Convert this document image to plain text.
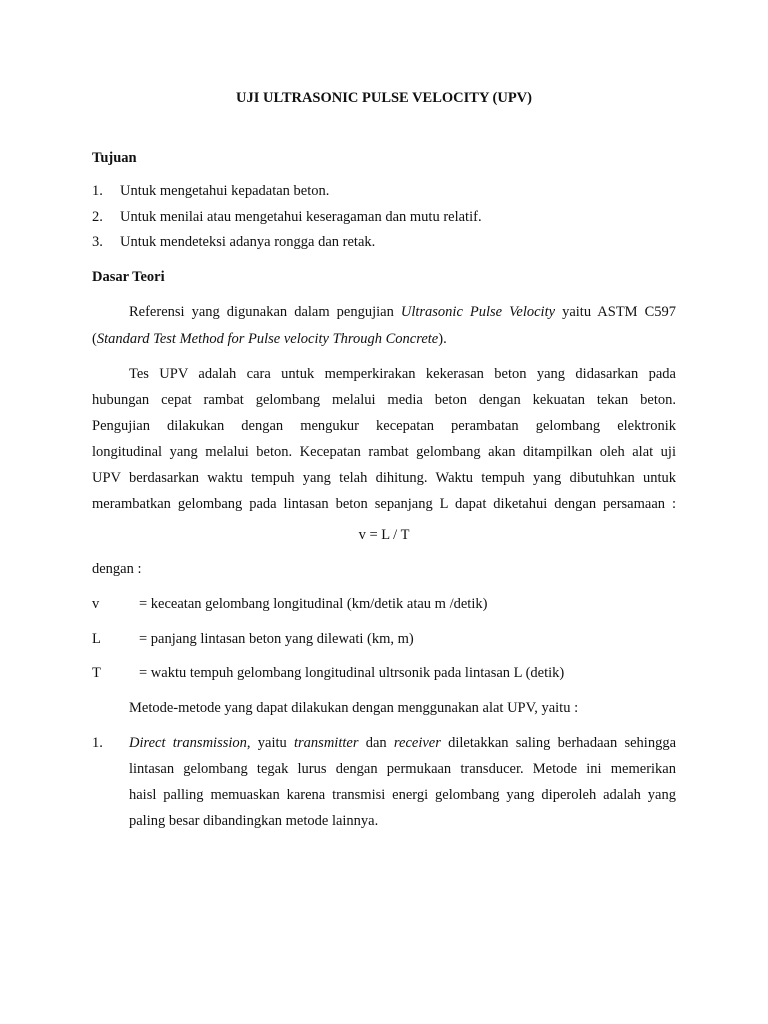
UJI ULTRASONIC PULSE VELOCITY (UPV)
Tujuan
1. Untuk mengetahui kepadatan beton.
2. Untuk menilai atau mengetahui keseragaman dan mutu relatif.
3. Untuk mendeteksi adanya rongga dan retak.
Dasar Teori
Referensi yang digunakan dalam pengujian Ultrasonic Pulse Velocity yaitu ASTM C597
(Standard Test Method for Pulse velocity Through Concrete).
Tes UPV adalah cara untuk memperkirakan kekerasan beton yang didasarkan pada
hubungan cepat rambat gelombang melalui media beton dengan kekuatan tekan beton.
Pengujian dilakukan dengan mengukur kecepatan perambatan gelombang elektronik
longitudinal yang melalui beton. Kecepatan rambat gelombang akan ditampilkan oleh alat uji
UPV berdasarkan waktu tempuh yang telah dihitung. Waktu tempuh yang dibutuhkan untuk
merambatkan gelombang pada lintasan beton sepanjang L dapat diketahui dengan persamaan :
v = L / T
dengan :
v	= keceatan gelombang longitudinal (km/detik atau m /detik)
L	= panjang lintasan beton yang dilewati (km, m)
T	= waktu tempuh gelombang longitudinal ultrsonik pada lintasan L (detik)
Metode-metode yang dapat dilakukan dengan menggunakan alat UPV, yaitu :
1. Direct transmission, yaitu transmitter dan receiver diletakkan saling berhadaan sehingga
lintasan gelombang tegak lurus dengan permukaan transducer. Metode ini memerikan
haisl palling memuaskan karena transmisi energi gelombang yang diperoleh adalah yang
paling besar dibandingkan metode lainnya.
